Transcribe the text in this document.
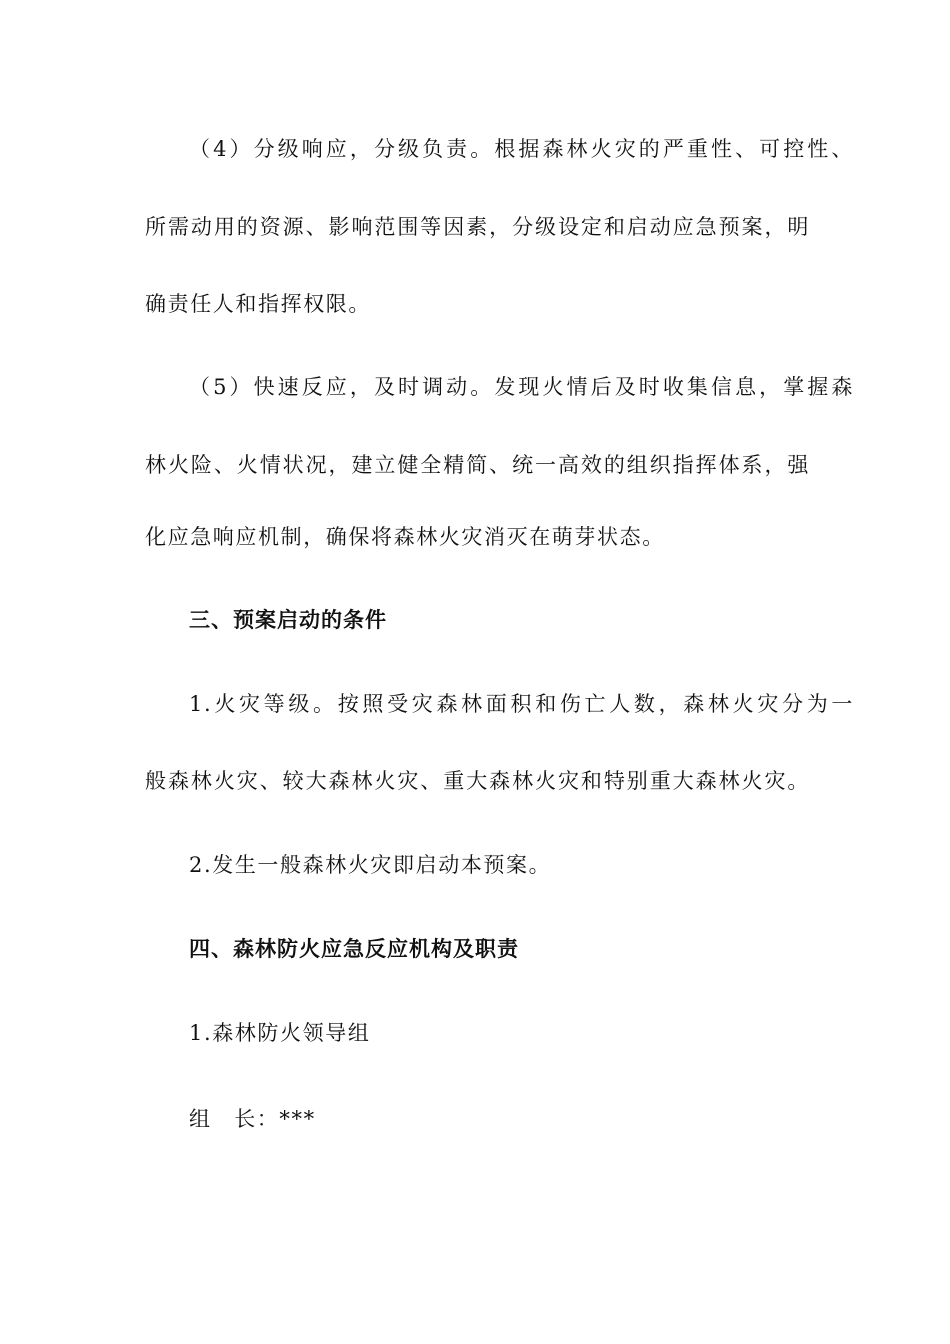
（4）分级响应，分级负责。根据森林火灾的严重性、可控性、
所需动用的资源、影响范围等因素，分级设定和启动应急预案，明
确责任人和指挥权限。
（5）快速反应，及时调动。发现火情后及时收集信息，掌握森
林火险、火情状况，建立健全精简、统一高效的组织指挥体系，强
化应急响应机制，确保将森林火灾消灭在萌芽状态。
三、预案启动的条件
1.火灾等级。按照受灾森林面积和伤亡人数，森林火灾分为一
般森林火灾、较大森林火灾、重大森林火灾和特别重大森林火灾。
2.发生一般森林火灾即启动本预案。
四、森林防火应急反应机构及职责
1.森林防火领导组
组　长：***
